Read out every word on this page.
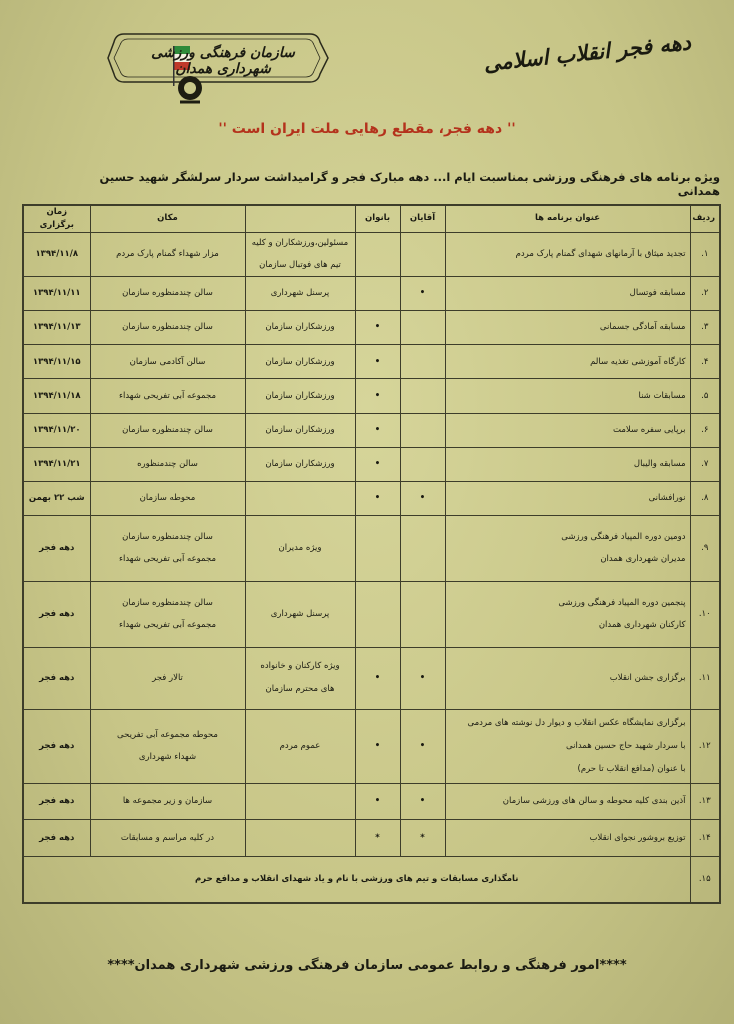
سازمان فرهنگی ورزشی شهرداری همدان	دهه فجر انقلاب اسلامی
'' دهه فجر، مقطع رهایی ملت ایران است ''
ویژه برنامه های فرهنگی ورزشی بمناسبت ایام ا... دهه مبارک فجر و گرامیداشت سردار سرلشگر شهید حسین همدانی
ردیف	عنوان برنامه ها	آقایان	بانوان		مکان	زمان برگزاری
۱.	تجدید میثاق با آرمانهای شهدای گمنام پارک مردم			مسئولین،ورزشکاران و کلیه
تیم های فوتبال سازمان	مزار شهداء گمنام پارک مردم	۱۳۹۴/۱۱/۸
۲.	مسابقه فوتسال	•		پرسنل شهرداری	سالن چندمنظوره سازمان	۱۳۹۴/۱۱/۱۱
۳.	مسابقه آمادگی جسمانی		•	ورزشکاران سازمان	سالن چندمنظوره سازمان	۱۳۹۴/۱۱/۱۳
۴.	کارگاه آموزشی تغذیه سالم		•	ورزشکاران سازمان	سالن آکادمی سازمان	۱۳۹۴/۱۱/۱۵
۵.	مسابقات شنا		•	ورزشکاران سازمان	مجموعه آبی تفریحی شهداء	۱۳۹۴/۱۱/۱۸
۶.	برپایی سفره سلامت		•	ورزشکاران سازمان	سالن چندمنظوره سازمان	۱۳۹۴/۱۱/۲۰
۷.	مسابقه والیبال		•	ورزشکاران سازمان	سالن چندمنظوره	۱۳۹۴/۱۱/۲۱
۸.	نورافشانی	•	•		محوطه سازمان	شب ۲۲ بهمن
۹.	دومین دوره المپیاد فرهنگی ورزشی
مدیران شهرداری همدان			ویژه مدیران	سالن چندمنظوره سازمان
مجموعه آبی تفریحی شهداء	دهه فجر
۱۰.	پنجمین دوره المپیاد فرهنگی ورزشی
کارکنان شهرداری همدان			پرسنل شهرداری	سالن چندمنظوره سازمان
مجموعه آبی تفریحی شهداء	دهه فجر
۱۱.	برگزاری جشن انقلاب	•	•	ویژه کارکنان و خانواده
های محترم سازمان	تالار فجر	دهه فجر
۱۲.	برگزاری نمایشگاه عکس انقلاب و دیوار دل نوشته های مردمی
با سردار شهید حاج حسین همدانی
با عنوان (مدافع انقلاب تا حرم)	•	•	عموم مردم	محوطه مجموعه آبی تفریحی
شهداء شهرداری	دهه فجر
۱۳.	آذین بندی کلیه محوطه و سالن های ورزشی سازمان	•	•		سازمان و زیر مجموعه ها	دهه فجر
۱۴.	توزیع بروشور نجوای انقلاب	*	*		در کلیه مراسم و مسابقات	دهه فجر
۱۵.	نامگذاری مسابقات و تیم های ورزشی با نام و یاد شهدای انقلاب و مدافع حرم					
****امور فرهنگی و روابط عمومی سازمان فرهنگی ورزشی شهرداری همدان****
